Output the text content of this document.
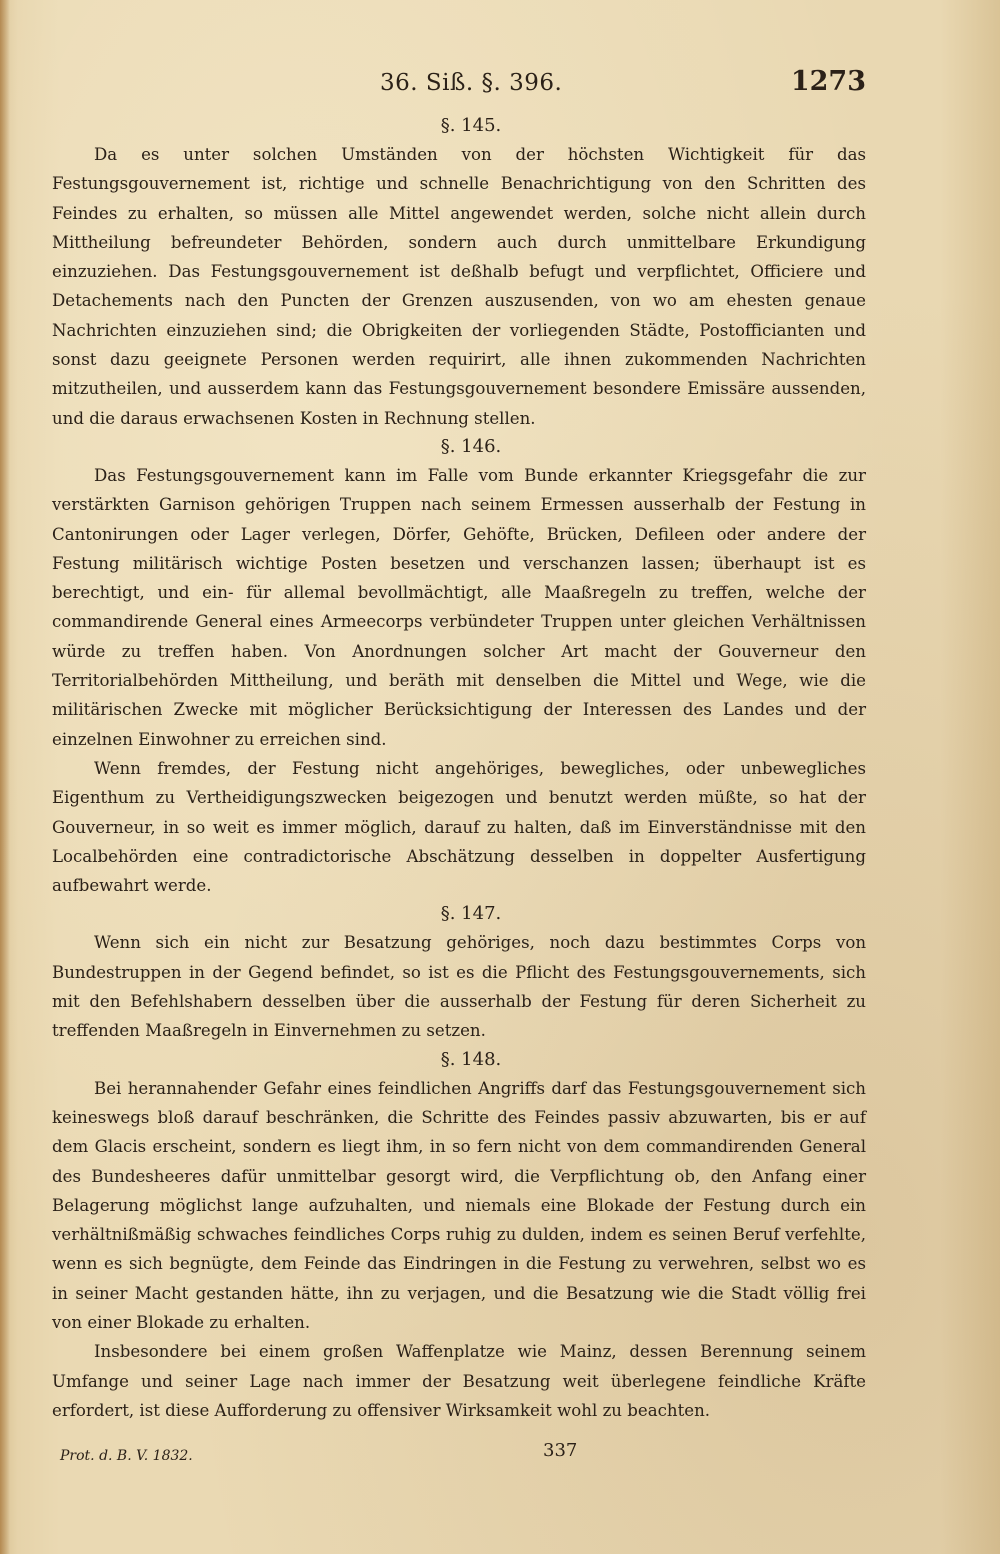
36. Siß. §. 396.	1273
§. 145.

Da es unter solchen Umständen von der höchsten Wichtigkeit für das Festungsgouvernement ist, richtige und schnelle Benachrichtigung von den Schritten des Feindes zu erhalten, so müssen alle Mittel angewendet werden, solche nicht allein durch Mittheilung befreundeter Behörden, sondern auch durch unmittelbare Erkundigung einzuziehen. Das Festungsgouvernement ist deßhalb befugt und verpflichtet, Officiere und Detachements nach den Puncten der Grenzen auszusenden, von wo am ehesten genaue Nachrichten einzuziehen sind; die Obrigkeiten der vorliegenden Städte, Postofficianten und sonst dazu geeignete Personen werden requirirt, alle ihnen zukommenden Nachrichten mitzutheilen, und ausserdem kann das Festungsgouvernement besondere Emissäre aussenden, und die daraus erwachsenen Kosten in Rechnung stellen.

§. 146.

Das Festungsgouvernement kann im Falle vom Bunde erkannter Kriegsgefahr die zur verstärkten Garnison gehörigen Truppen nach seinem Ermessen ausserhalb der Festung in Cantonirungen oder Lager verlegen, Dörfer, Gehöfte, Brücken, Defileen oder andere der Festung militärisch wichtige Posten besetzen und verschanzen lassen; überhaupt ist es berechtigt, und ein- für allemal bevollmächtigt, alle Maaßregeln zu treffen, welche der commandirende General eines Armeecorps verbündeter Truppen unter gleichen Verhältnissen würde zu treffen haben. Von Anordnungen solcher Art macht der Gouverneur den Territorialbehörden Mittheilung, und beräth mit denselben die Mittel und Wege, wie die militärischen Zwecke mit möglicher Berücksichtigung der Interessen des Landes und der einzelnen Einwohner zu erreichen sind.

Wenn fremdes, der Festung nicht angehöriges, bewegliches, oder unbewegliches Eigenthum zu Vertheidigungszwecken beigezogen und benutzt werden müßte, so hat der Gouverneur, in so weit es immer möglich, darauf zu halten, daß im Einverständnisse mit den Localbehörden eine contradictorische Abschätzung desselben in doppelter Ausfertigung aufbewahrt werde.

§. 147.

Wenn sich ein nicht zur Besatzung gehöriges, noch dazu bestimmtes Corps von Bundestruppen in der Gegend befindet, so ist es die Pflicht des Festungsgouvernements, sich mit den Befehlshabern desselben über die ausserhalb der Festung für deren Sicherheit zu treffenden Maaßregeln in Einvernehmen zu setzen.

§. 148.

Bei herannahender Gefahr eines feindlichen Angriffs darf das Festungsgouvernement sich keineswegs bloß darauf beschränken, die Schritte des Feindes passiv abzuwarten, bis er auf dem Glacis erscheint, sondern es liegt ihm, in so fern nicht von dem commandirenden General des Bundesheeres dafür unmittelbar gesorgt wird, die Verpflichtung ob, den Anfang einer Belagerung möglichst lange aufzuhalten, und niemals eine Blokade der Festung durch ein verhältnißmäßig schwaches feindliches Corps ruhig zu dulden, indem es seinen Beruf verfehlte, wenn es sich begnügte, dem Feinde das Eindringen in die Festung zu verwehren, selbst wo es in seiner Macht gestanden hätte, ihn zu verjagen, und die Besatzung wie die Stadt völlig frei von einer Blokade zu erhalten.

Insbesondere bei einem großen Waffenplatze wie Mainz, dessen Berennung seinem Umfange und seiner Lage nach immer der Besatzung weit überlegene feindliche Kräfte erfordert, ist diese Aufforderung zu offensiver Wirksamkeit wohl zu beachten.

Prot. d. B. V. 1832.	337
